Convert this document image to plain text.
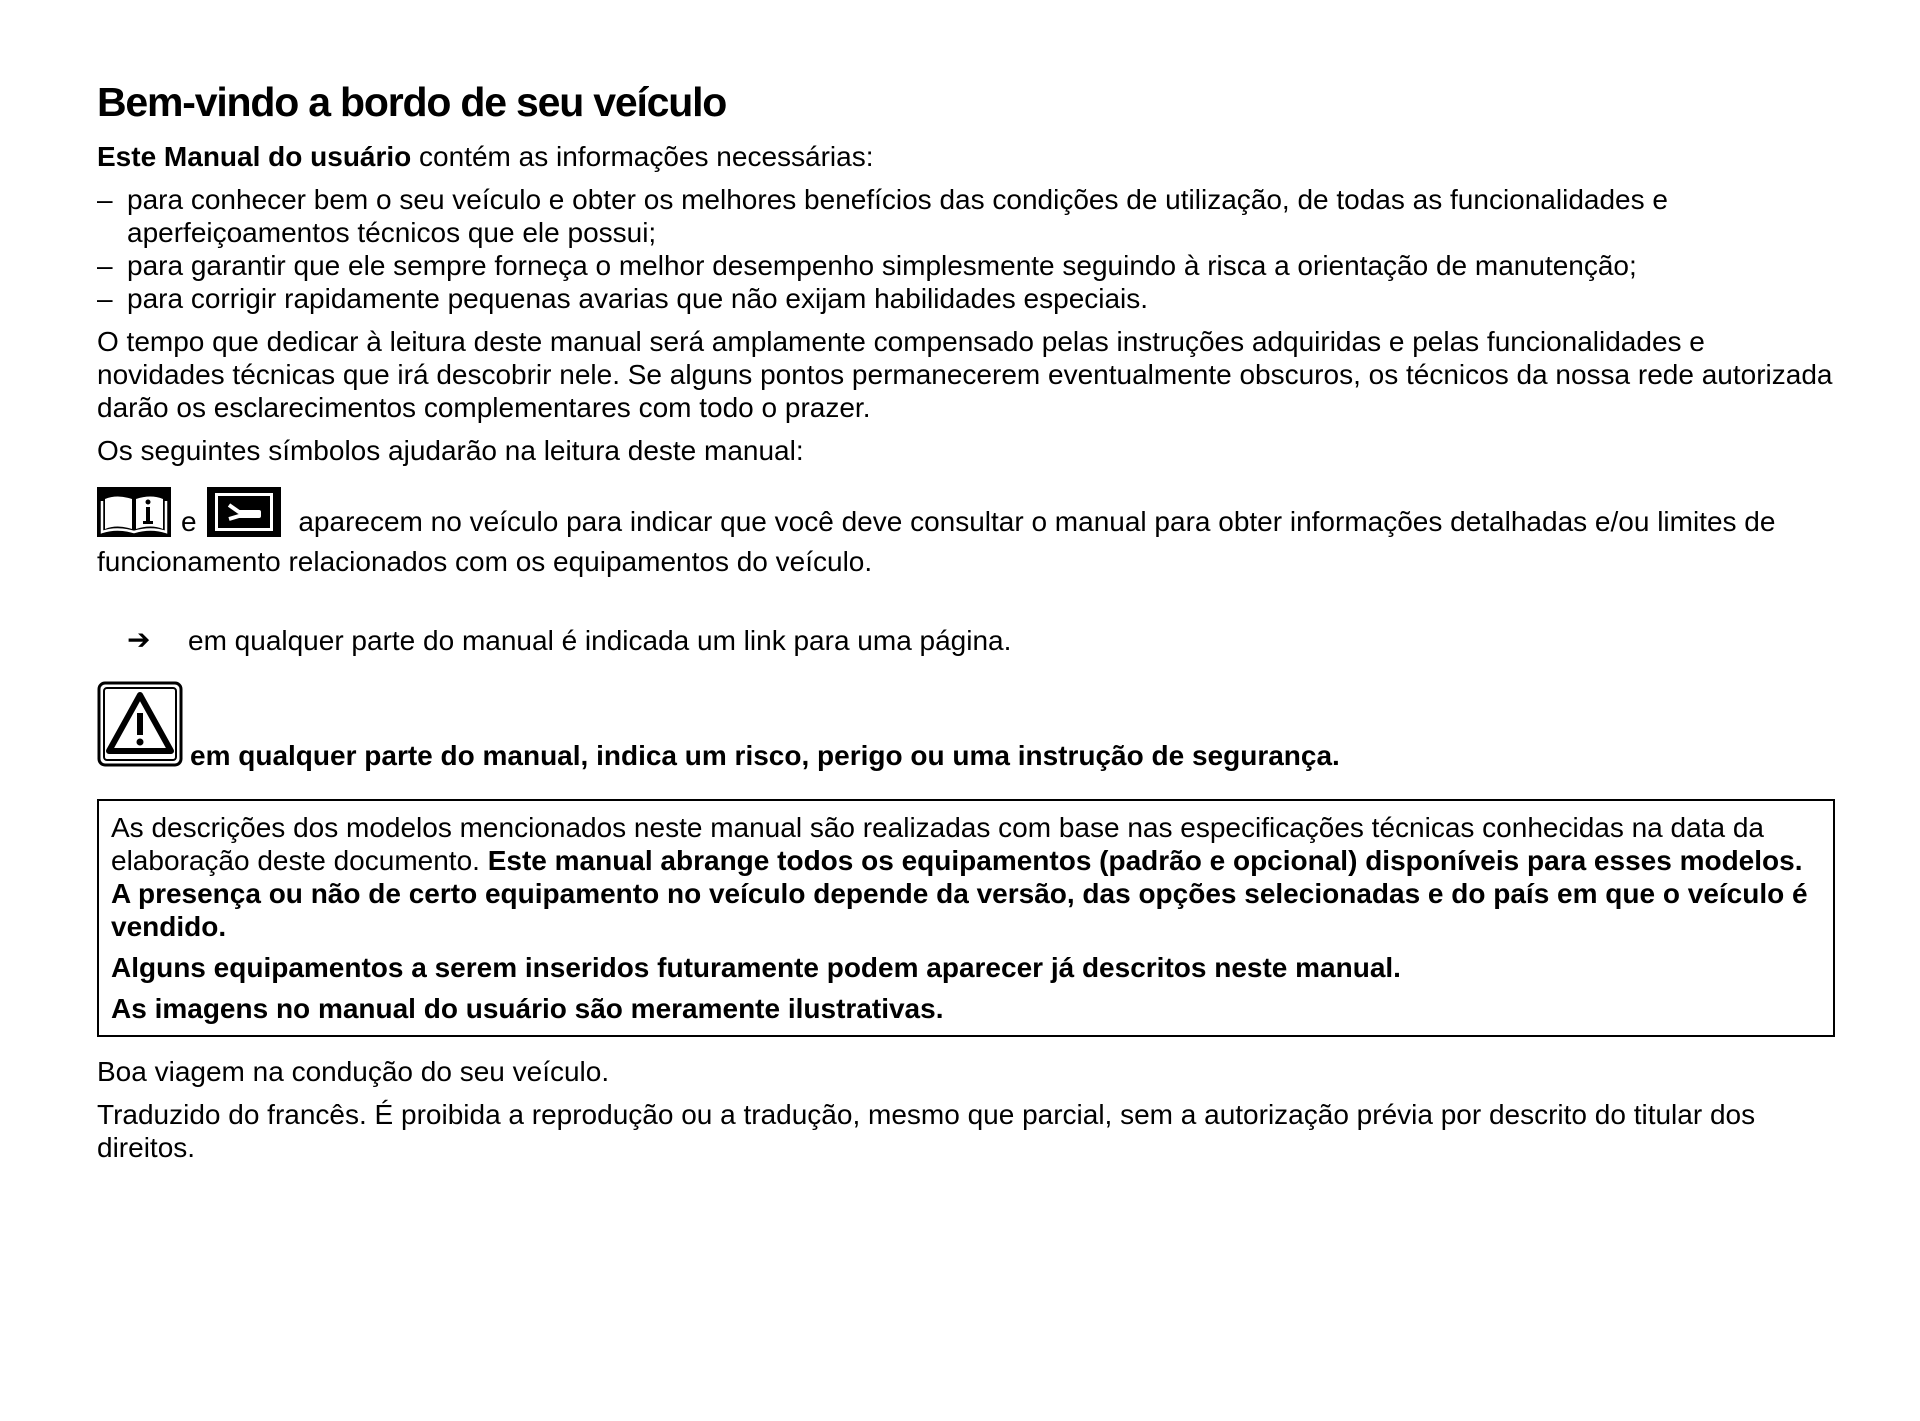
Bem-vindo a bordo de seu veículo

Este Manual do usuário contém as informações necessárias:

– para conhecer bem o seu veículo e obter os melhores benefícios das condições de utilização, de todas as funcionalidades e aperfeiçoamentos técnicos que ele possui;
– para garantir que ele sempre forneça o melhor desempenho simplesmente seguindo à risca a orientação de manutenção;
– para corrigir rapidamente pequenas avarias que não exijam habilidades especiais.

O tempo que dedicar à leitura deste manual será amplamente compensado pelas instruções adquiridas e pelas funcionalidades e novidades técnicas que irá descobrir nele. Se alguns pontos permanecerem eventualmente obscuros, os técnicos da nossa rede autorizada darão os esclarecimentos complementares com todo o prazer.

Os seguintes símbolos ajudarão na leitura deste manual:

e	aparecem no veículo para indicar que você deve consultar o manual para obter informações detalhadas e/ou limites de funcionamento relacionados com os equipamentos do veículo.
➔ em qualquer parte do manual é indicada um link para uma página.
em qualquer parte do manual, indica um risco, perigo ou uma instrução de segurança.

As descrições dos modelos mencionados neste manual são realizadas com base nas especificações técnicas conhecidas na data da elaboração deste documento. Este manual abrange todos os equipamentos (padrão e opcional) disponíveis para esses modelos. A presença ou não de certo equipamento no veículo depende da versão, das opções selecionadas e do país em que o veículo é vendido.

Alguns equipamentos a serem inseridos futuramente podem aparecer já descritos neste manual.

As imagens no manual do usuário são meramente ilustrativas.

Boa viagem na condução do seu veículo.

Traduzido do francês. É proibida a reprodução ou a tradução, mesmo que parcial, sem a autorização prévia por descrito do titular dos direitos.
